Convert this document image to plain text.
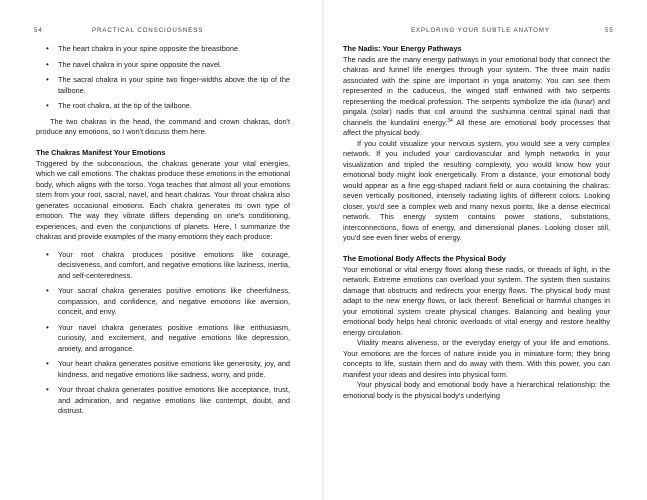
54	PRACTICAL CONSCIOUSNESS
• The heart chakra in your spine opposite the breastbone.
• The navel chakra in your spine opposite the navel.
• The sacral chakra in your spine two finger-widths above the tip of the tailbone.
• The root chakra, at the tip of the tailbone.

The two chakras in the head, the command and crown chakras, don't produce any emotions, so I won't discuss them here.

The Chakras Manifest Your Emotions

Triggered by the subconscious, the chakras generate your vital energies, which we call emotions. The chakras produce these emotions in the emotional body, which aligns with the torso. Yoga teaches that almost all your emotions stem from your root, sacral, navel, and heart chakras. Your throat chakra also generates occasional emotions. Each chakra generates its own type of emotion. The way they vibrate differs depending on one's conditioning, experiences, and even the conjunctions of planets. Here, I summarize the chakras and provide examples of the many emotions they each produce:

• Your root chakra produces positive emotions like courage, decisiveness, and comfort, and negative emotions like laziness, inertia, and self-centeredness.
• Your sacral chakra generates positive emotions like cheerfulness, compassion, and confidence, and negative emotions like aversion, conceit, and envy.
• Your navel chakra generates positive emotions like enthusiasm, curiosity, and excitement, and negative emotions like depression, anxiety, and arrogance.
• Your heart chakra generates positive emotions like generosity, joy, and kindness, and negative emotions like sadness, worry, and pride.
• Your throat chakra generates positive emotions like acceptance, trust, and admiration, and negative emotions like contempt, doubt, and distrust.
EXPLORING YOUR SUBTLE ANATOMY	55
The Nadis: Your Energy Pathways

The nadis are the many energy pathways in your emotional body that connect the chakras and funnel life energies through your system. The three main nadis associated with the spine are important in yoga anatomy. You can see them represented in the caduceus, the winged staff entwined with two serpents representing the medical profession. The serpents symbolize the ida (lunar) and pingala (solar) nadis that coil around the sushumna central spinal nadi that channels the kundalini energy.$^{34}$ All these are emotional body processes that affect the physical body.

If you could visualize your nervous system, you would see a very complex network. If you included your cardiovascular and lymph networks in your visualization and tripled the resulting complexity, you would know how your emotional body might look energetically. From a distance, your emotional body would appear as a fine egg-shaped radiant field or aura containing the chakras: seven vertically positioned, intensely radiating lights of different colors. Looking closer, you'd see a complex web and many nexus points, like a dense electrical network. This energy system contains power stations, substations, interconnections, flows of energy, and dimensional planes. Looking closer still, you'd see even finer webs of energy.

The Emotional Body Affects the Physical Body

Your emotional or vital energy flows along these nadis, or threads of light, in the network. Extreme emotions can overload your system. The system then sustains damage that obstructs and redirects your energy flows. The physical body must adapt to the new energy flows, or lack thereof. Beneficial or harmful changes in your emotional system create physical changes. Balancing and healing your emotional body helps heal chronic overloads of vital energy and restore healthy energy circulation.

Vitality means aliveness, or the everyday energy of your life and emotions. Your emotions are the forces of nature inside you in miniature form; they bring concepts to life, sustain them and do away with them. With this power, you can manifest your ideas and desires into physical form.

Your physical body and emotional body have a hierarchical relationship: the emotional body is the physical body's underlying
